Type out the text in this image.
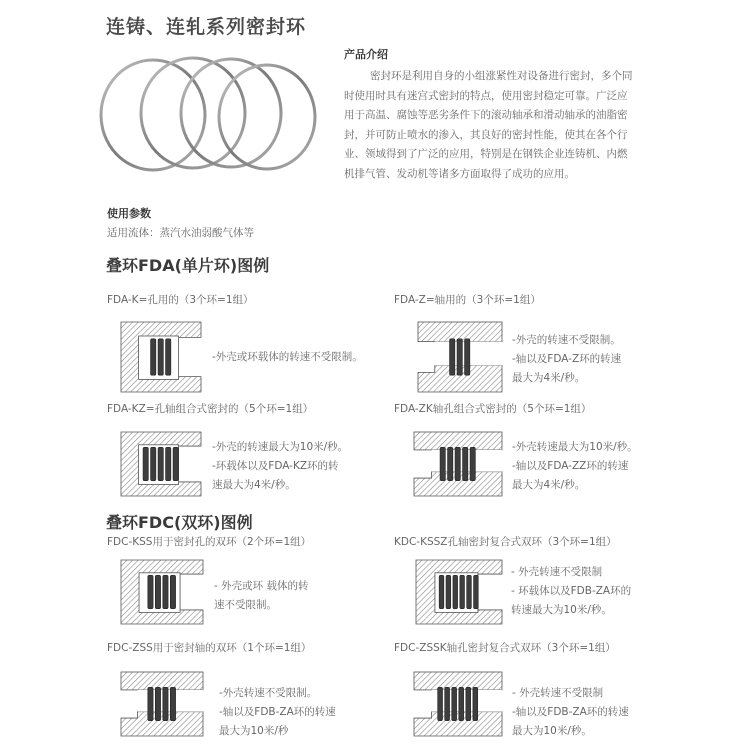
连铸、连轧系列密封环
产品介绍
密封环是利用自身的小组涨紧性对设备进行密封，多个同
时使用时具有迷宫式密封的特点，使用密封稳定可靠。广泛应
用于高温、腐蚀等恶劣条件下的滚动轴承和滑动轴承的油脂密
封，并可防止喷水的渗入，其良好的密封性能，使其在各个行
业、领域得到了广泛的应用，特别是在钢铁企业连铸机、内燃
机排气管、发动机等诸多方面取得了成功的应用。
使用参数
适用流体：蒸汽水油弱酸气体等
叠环FDA(单片环)图例
FDA-K=孔用的（3个环=1组）
-外壳或环载体的转速不受限制。
FDA-Z=轴用的（3个环=1组）
-外壳的转速不受限制。
-轴以及FDA-Z环的转速
最大为4米/秒。
FDA-KZ=孔轴组合式密封的（5个环=1组）
-外壳的转速最大为10米/秒。
-环载体以及FDA-KZ环的转
速最大为4米/秒。
FDA-ZK轴孔组合式密封的（5个环=1组）
-外壳转速最大为10米/秒。
-轴以及FDA-ZZ环的转速
最大为4米/秒。
叠环FDC(双环)图例
FDC-KSS用于密封孔的双环（2个环=1组）
- 外壳或环 载体的转
速不受限制。
KDC-KSSZ孔轴密封复合式双环（3个环=1组）
- 外壳转速不受限制
- 环载体以及FDB-ZA环的
转速最大为10米/秒。
FDC-ZSS用于密封轴的双环（1个环=1组）
-外壳转速不受限制。
-轴以及FDB-ZA环的转速
最大为10米/秒
FDC-ZSSK轴孔密封复合式双环（3个环=1组）
- 外壳转速不受限制
-轴以及FDB-ZA环的转速
最大为10米/秒。
